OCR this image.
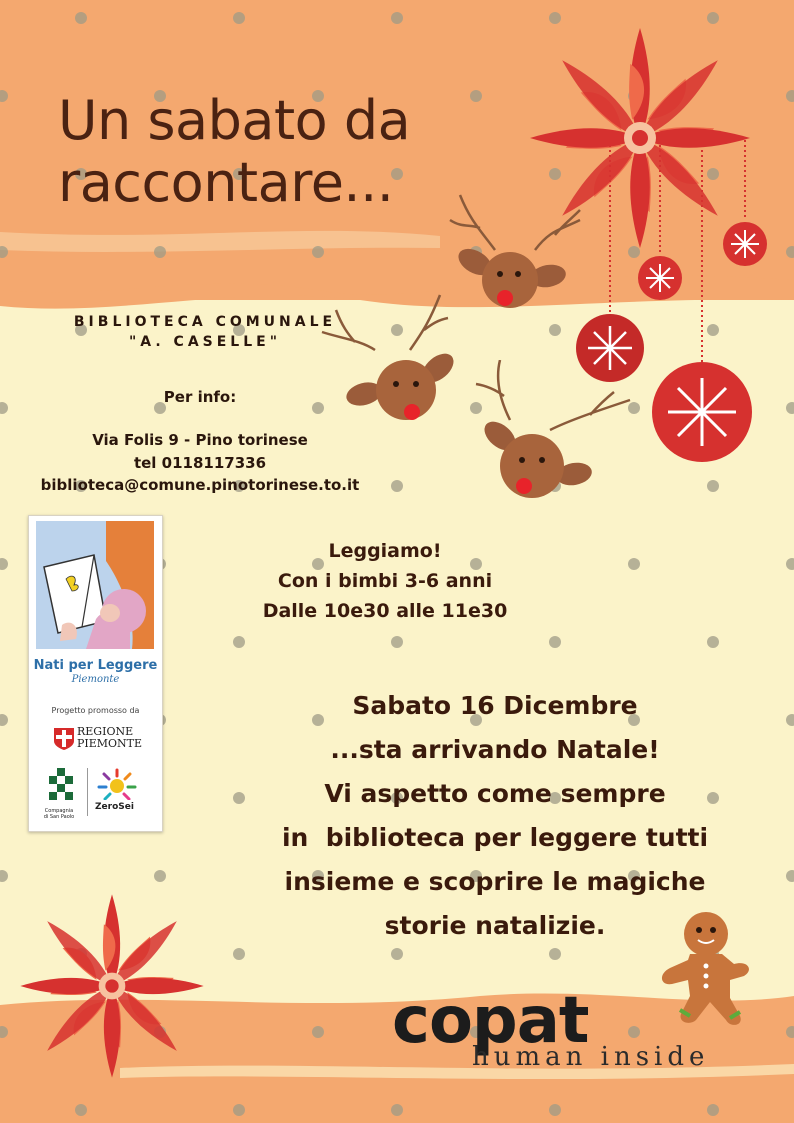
Un sabato da raccontare...
BIBLIOTECA COMUNALE
"A. CASELLE"
Per info:
Via Folis 9 - Pino torinese
tel 0118117336
biblioteca@comune.pinotorinese.to.it
Leggiamo!
Con i bimbi 3-6 anni
Dalle 10e30 alle 11e30
Sabato 16 Dicembre
...sta arrivando Natale!
Vi aspetto come sempre
in  biblioteca per leggere tutti
insieme e scoprire le magiche
storie natalizie.
Nati per Leggere
Piemonte
Progetto promosso da
REGIONE
PIEMONTE
Compagnia
di San Paolo
ZeroSei
copat
human inside
